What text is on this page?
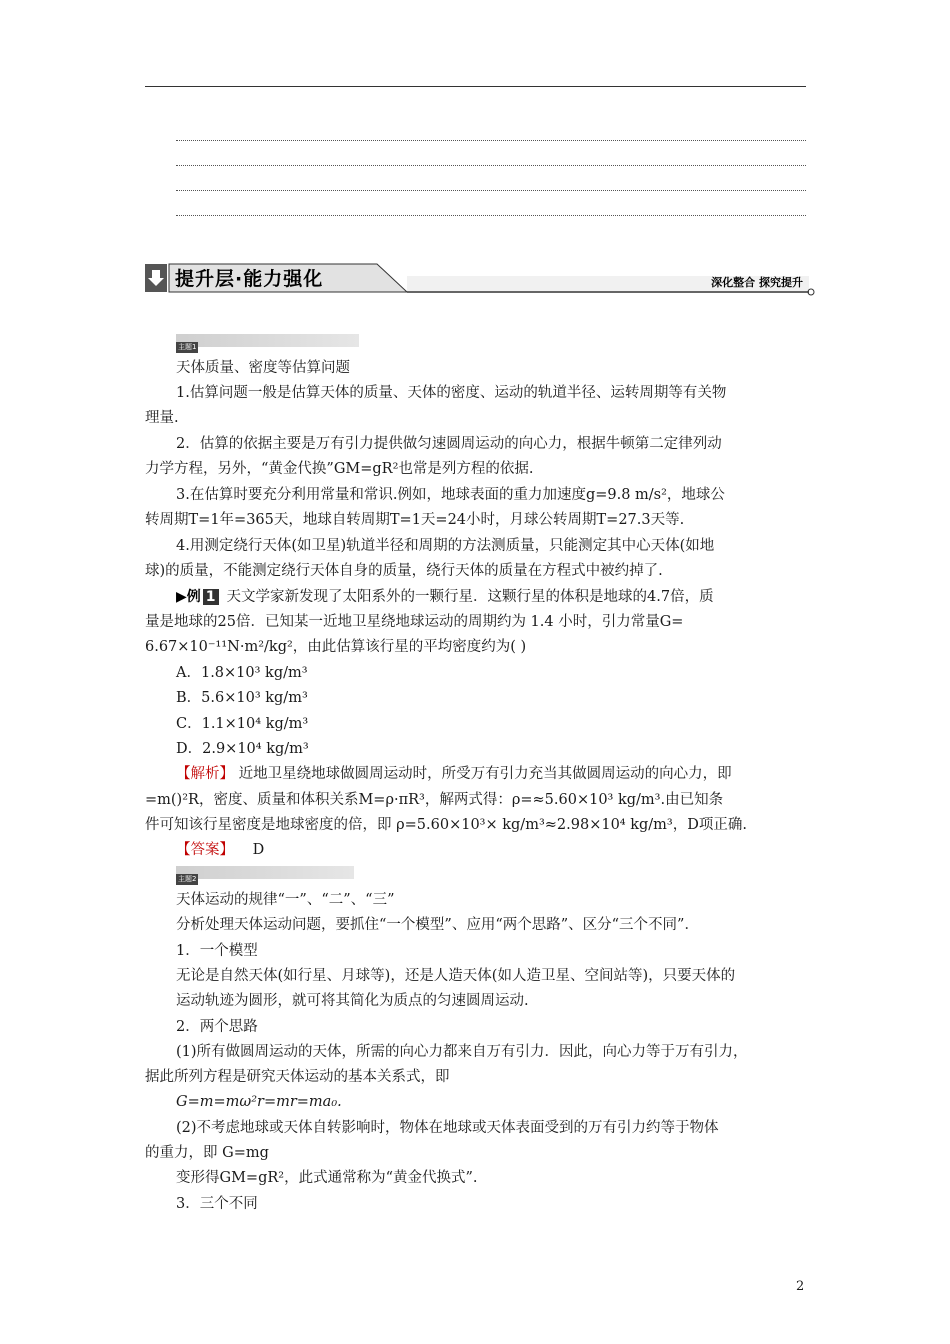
提升层·能力强化	深化整合 探究提升
主题1
天体质量、密度等估算问题
1.估算问题一般是估算天体的质量、天体的密度、运动的轨道半径、运转周期等有关物
理量.
2．估算的依据主要是万有引力提供做匀速圆周运动的向心力，根据牛顿第二定律列动
力学方程，另外，“黄金代换”GM=gR²也常是列方程的依据.
3.在估算时要充分利用常量和常识.例如，地球表面的重力加速度g=9.8 m/s²，地球公
转周期T=1年=365天，地球自转周期T=1天=24小时，月球公转周期T=27.3天等.
4.用测定绕行天体(如卫星)轨道半径和周期的方法测质量，只能测定其中心天体(如地
球)的质量，不能测定绕行天体自身的质量，绕行天体的质量在方程式中被约掉了.
▶例 1 天文学家新发现了太阳系外的一颗行星．这颗行星的体积是地球的4.7倍，质
量是地球的25倍．已知某一近地卫星绕地球运动的周期约为 1.4 小时，引力常量G=
6.67×10⁻¹¹N·m²/kg²，由此估算该行星的平均密度约为( )
A．1.8×10³ kg/m³
B．5.6×10³ kg/m³
C．1.1×10⁴ kg/m³
D．2.9×10⁴ kg/m³
【解析】 近地卫星绕地球做圆周运动时，所受万有引力充当其做圆周运动的向心力，即
=m()²R，密度、质量和体积关系M=ρ·πR³，解两式得：ρ=≈5.60×10³ kg/m³.由已知条
件可知该行星密度是地球密度的倍，即 ρ=5.60×10³× kg/m³≈2.98×10⁴ kg/m³，D项正确.
【答案】 D
主题2
天体运动的规律“一”、“二”、“三”
分析处理天体运动问题，要抓住“一个模型”、应用“两个思路”、区分“三个不同”．
1．一个模型
无论是自然天体(如行星、月球等)，还是人造天体(如人造卫星、空间站等)，只要天体的
运动轨迹为圆形，就可将其简化为质点的匀速圆周运动.
2．两个思路
(1)所有做圆周运动的天体，所需的向心力都来自万有引力．因此，向心力等于万有引力，
据此所列方程是研究天体运动的基本关系式，即
G=m=mω²r=mr=ma₀.
(2)不考虑地球或天体自转影响时，物体在地球或天体表面受到的万有引力约等于物体
的重力，即 G=mg
变形得GM=gR²，此式通常称为“黄金代换式”.
3．三个不同
2
